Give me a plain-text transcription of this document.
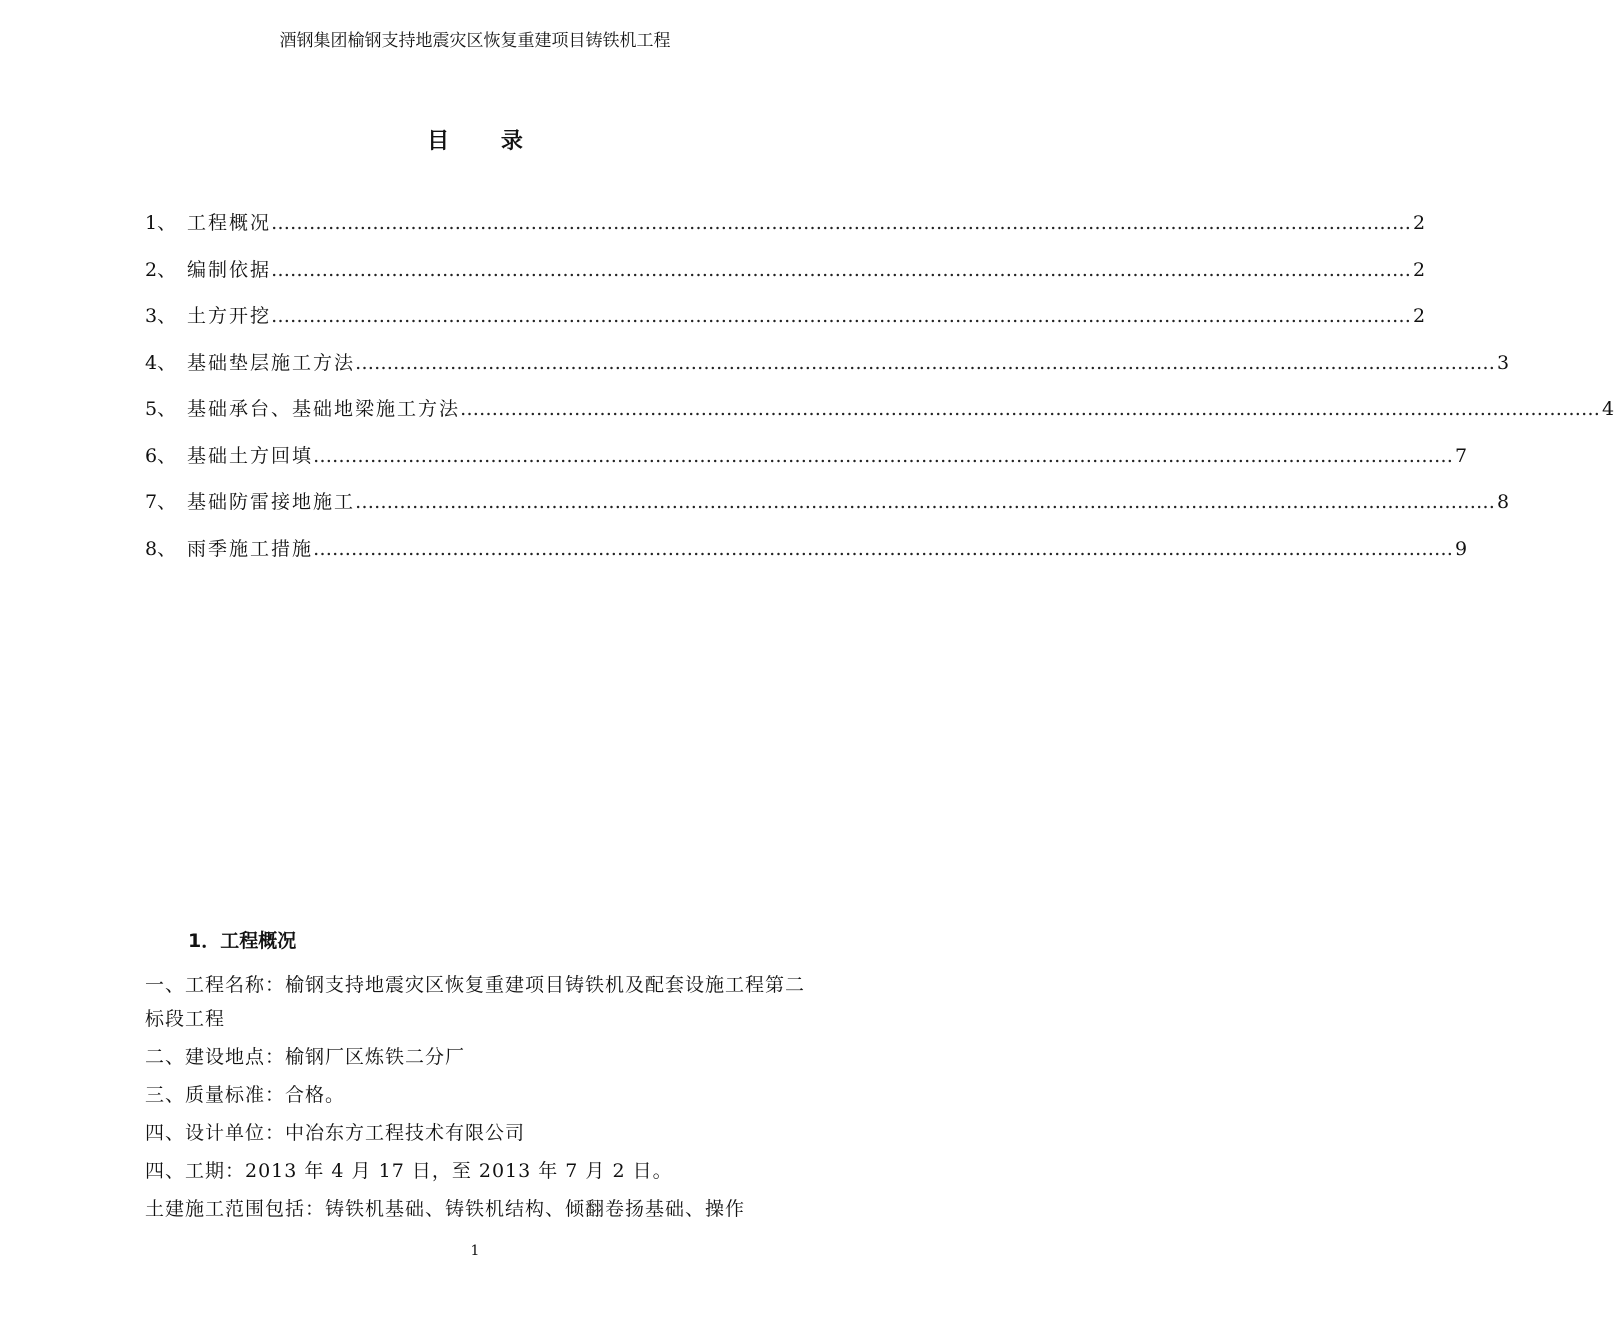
酒钢集团榆钢支持地震灾区恢复重建项目铸铁机工程
目 录
1、 工程概况 ……………………………………………………………………………………………………………………………………………………………… 2
2、 编制依据 ……………………………………………………………………………………………………………………………………………………………… 2
3、 土方开挖 ……………………………………………………………………………………………………………………………………………………………… 2
4、 基础垫层施工方法 ……………………………………………………………………………………………………………………………………………………………… 3
5、 基础承台、基础地梁施工方法 ……………………………………………………………………………………………………………………………………………………………… 4
6、 基础土方回填 ……………………………………………………………………………………………………………………………………………………………… 7
7、 基础防雷接地施工 ……………………………………………………………………………………………………………………………………………………………… 8
8、 雨季施工措施 ……………………………………………………………………………………………………………………………………………………………… 9
1．工程概况

一、工程名称：榆钢支持地震灾区恢复重建项目铸铁机及配套设施工程第二标段工程

二、建设地点：榆钢厂区炼铁二分厂

三、质量标准：合格。

四、设计单位：中冶东方工程技术有限公司

四、工期：2013 年 4 月 17 日，至 2013 年 7 月 2 日。

土建施工范围包括：铸铁机基础、铸铁机结构、倾翻卷扬基础、操作

1
